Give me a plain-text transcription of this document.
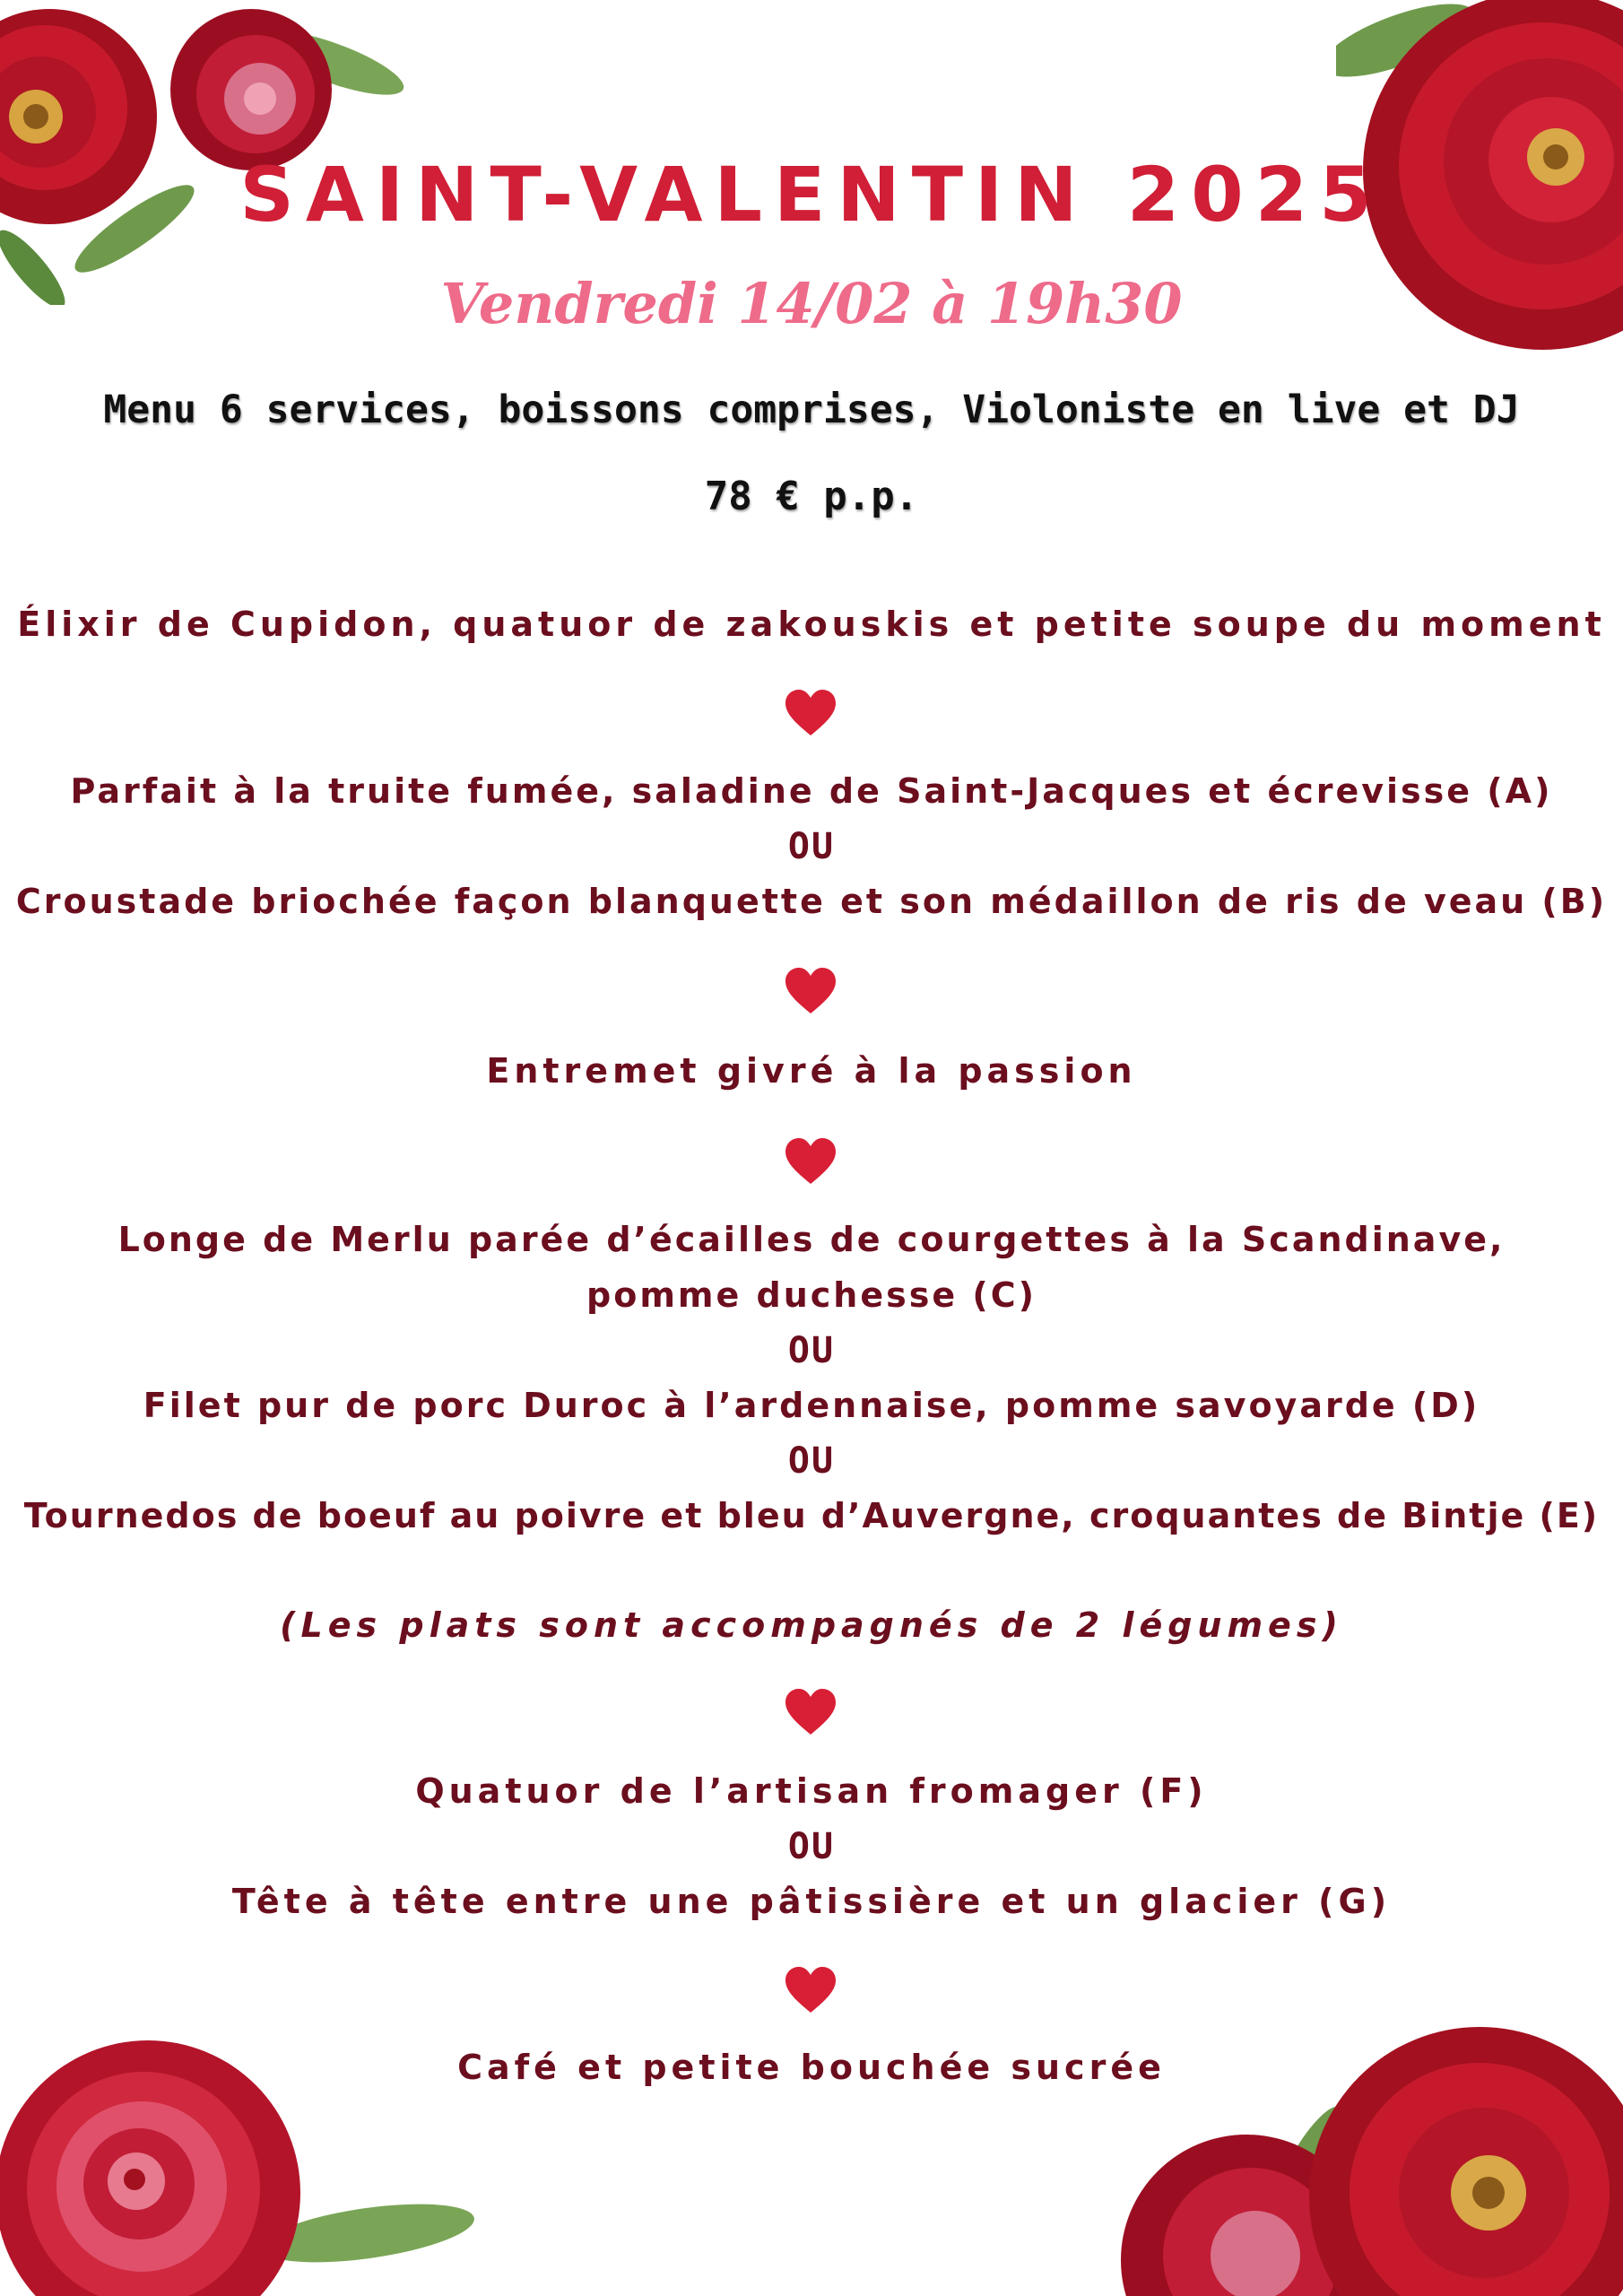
SAINT-VALENTIN 2025
Vendredi 14/02 à 19h30
Menu 6 services, boissons comprises, Violoniste en live et DJ
78 € p.p.
Élixir de Cupidon, quatuor de zakouskis et petite soupe du moment
Parfait à la truite fumée, saladine de Saint-Jacques et écrevisse (A)
OU
Croustade briochée façon blanquette et son médaillon de ris de veau (B)
Entremet givré à la passion
Longe de Merlu parée d’écailles de courgettes à la Scandinave,
pomme duchesse (C)
OU
Filet pur de porc Duroc à l’ardennaise, pomme savoyarde (D)
OU
Tournedos de boeuf au poivre et bleu d’Auvergne, croquantes de Bintje (E)
(Les plats sont accompagnés de 2 légumes)
Quatuor de l’artisan fromager (F)
OU
Tête à tête entre une pâtissière et un glacier (G)
Café et petite bouchée sucrée
